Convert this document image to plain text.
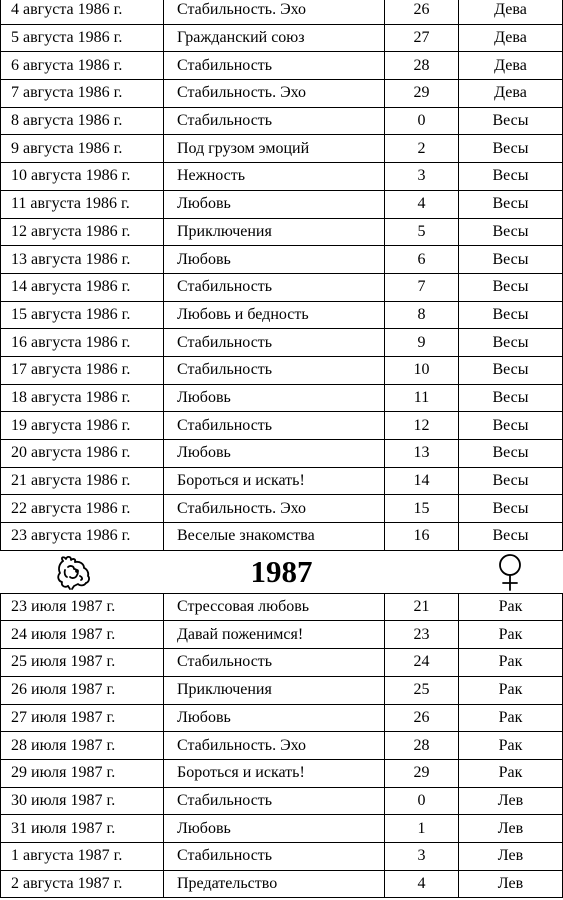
4 августа 1986 г.	Стабильность. Эхо	26	Дева
5 августа 1986 г.	Гражданский союз	27	Дева
6 августа 1986 г.	Стабильность	28	Дева
7 августа 1986 г.	Стабильность. Эхо	29	Дева
8 августа 1986 г.	Стабильность	0	Весы
9 августа 1986 г.	Под грузом эмоций	2	Весы
10 августа 1986 г.	Нежность	3	Весы
11 августа 1986 г.	Любовь	4	Весы
12 августа 1986 г.	Приключения	5	Весы
13 августа 1986 г.	Любовь	6	Весы
14 августа 1986 г.	Стабильность	7	Весы
15 августа 1986 г.	Любовь и бедность	8	Весы
16 августа 1986 г.	Стабильность	9	Весы
17 августа 1986 г.	Стабильность	10	Весы
18 августа 1986 г.	Любовь	11	Весы
19 августа 1986 г.	Стабильность	12	Весы
20 августа 1986 г.	Любовь	13	Весы
21 августа 1986 г.	Бороться и искать!	14	Весы
22 августа 1986 г.	Стабильность. Эхо	15	Весы
23 августа 1986 г.	Веселые знакомства	16	Весы
1987
23 июля 1987 г.	Стрессовая любовь	21	Рак
24 июля 1987 г.	Давай поженимся!	23	Рак
25 июля 1987 г.	Стабильность	24	Рак
26 июля 1987 г.	Приключения	25	Рак
27 июля 1987 г.	Любовь	26	Рак
28 июля 1987 г.	Стабильность. Эхо	28	Рак
29 июля 1987 г.	Бороться и искать!	29	Рак
30 июля 1987 г.	Стабильность	0	Лев
31 июля 1987 г.	Любовь	1	Лев
1 августа 1987 г.	Стабильность	3	Лев
2 августа 1987 г.	Предательство	4	Лев
